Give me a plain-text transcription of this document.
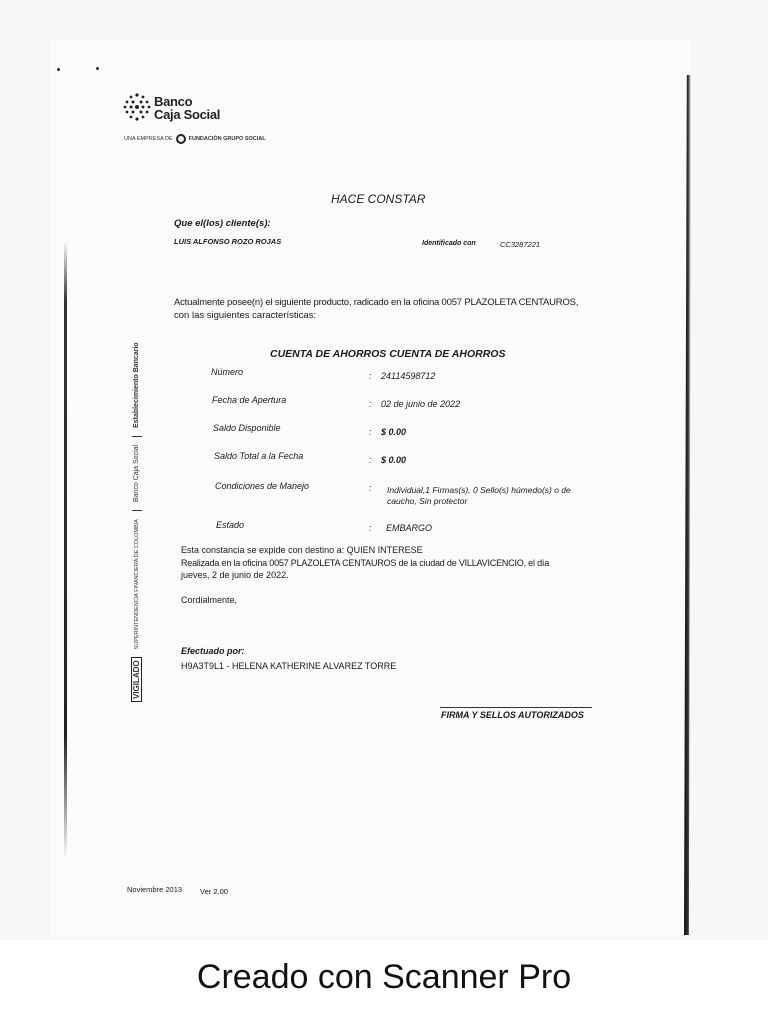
Banco
Caja Social
UNA EMPRESA DE	FUNDACIÓN GRUPO SOCIAL
HACE CONSTAR
Que el(los) cliente(s):
LUIS ALFONSO ROZO ROJAS	Identificado con	CC3287221
Actualmente posee(n) el siguiente producto, radicado en la oficina 0057 PLAZOLETA CENTAUROS,
con las siguientes características:
CUENTA DE AHORROS CUENTA DE AHORROS
Número	: 24114598712
Fecha de Apertura	: 02 de junio de 2022
Saldo Disponible	: $ 0.00
Saldo Total a la Fecha	: $ 0.00
Condiciones de Manejo	: Individual,1 Firmas(s), 0 Sello(s) húmedo(s) o de
caucho, Sin protector
Estado	: EMBARGO
Esta constancia se expide con destino a: QUIEN INTERESE
Realizada en la oficina 0057 PLAZOLETA CENTAUROS de la ciudad de VILLAVICENCIO, el día
jueves, 2 de junio de 2022.
Cordialmente,
Efectuado por:
H9A3T9L1 - HELENA KATHERINE ALVAREZ TORRE
FIRMA Y SELLOS AUTORIZADOS
VIGILADO
SUPERINTENDENCIA FINANCIERA DE COLOMBIA
Banco Caja Social
Establecimiento Bancario
Noviembre 2013 Ver 2.00
Creado con Scanner Pro
